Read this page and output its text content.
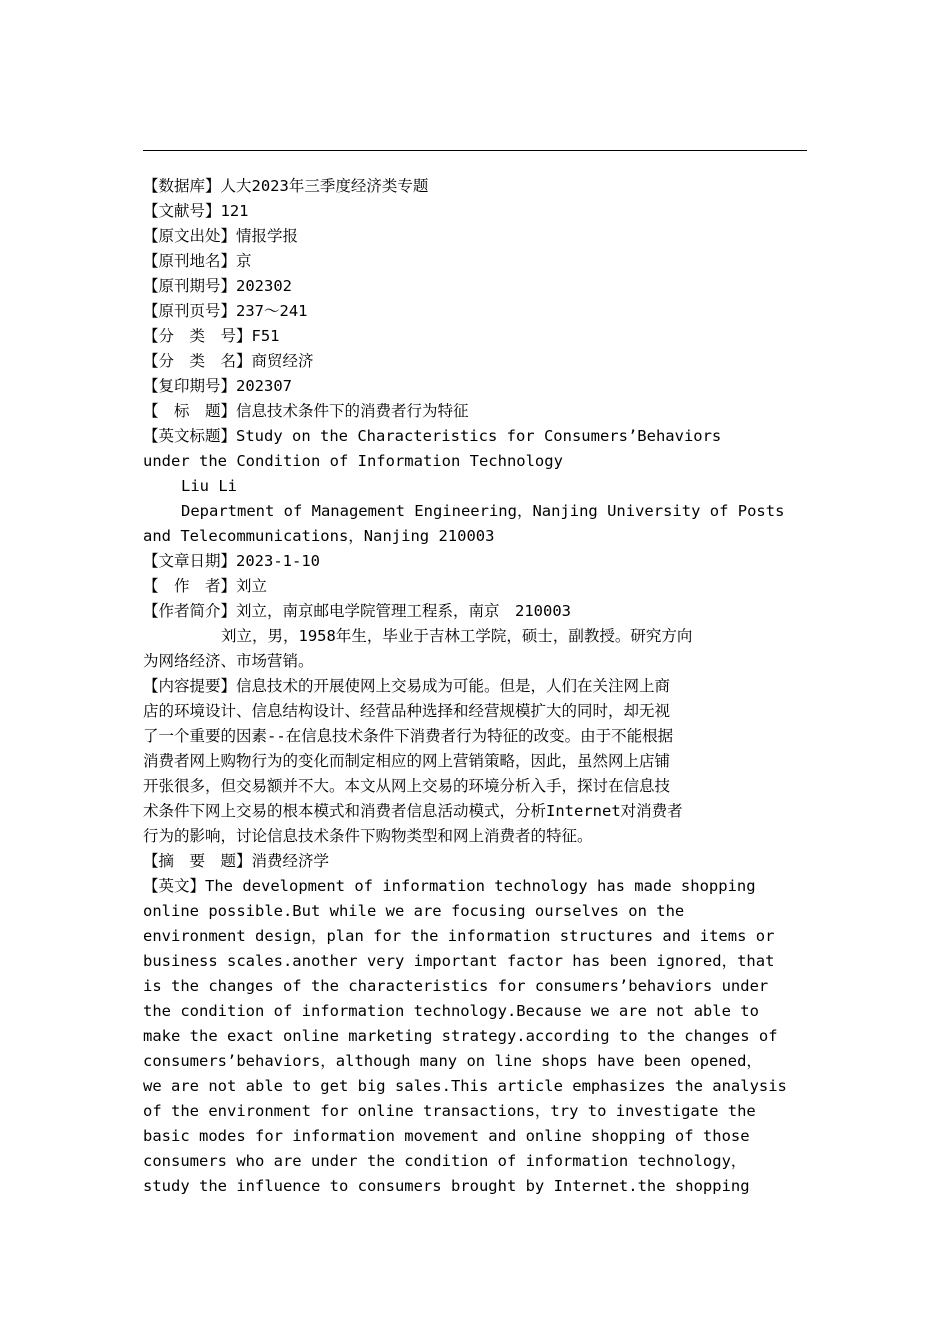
【数据库】人大2023年三季度经济类专题
【文献号】121
【原文出处】情报学报
【原刊地名】京
【原刊期号】202302
【原刊页号】237～241
【分　类　号】F51
【分　类　名】商贸经济
【复印期号】202307
【　标　题】信息技术条件下的消费者行为特征
【英文标题】Study on the Characteristics for Consumers’Behaviors
under the Condition of Information Technology
Liu Li
Department of Management Engineering，Nanjing University of Posts
and Telecommunications，Nanjing 210003
【文章日期】2023-1-10
【　作　者】刘立
【作者简介】刘立，南京邮电学院管理工程系，南京　210003
刘立，男，1958年生，毕业于吉林工学院，硕士，副教授。研究方向
为网络经济、市场营销。
【内容提要】信息技术的开展使网上交易成为可能。但是，人们在关注网上商
店的环境设计、信息结构设计、经营品种选择和经营规模扩大的同时，却无视
了一个重要的因素--在信息技术条件下消费者行为特征的改变。由于不能根据
消费者网上购物行为的变化而制定相应的网上营销策略，因此，虽然网上店铺
开张很多，但交易额并不大。本文从网上交易的环境分析入手，探讨在信息技
术条件下网上交易的根本模式和消费者信息活动模式，分析Internet对消费者
行为的影响，讨论信息技术条件下购物类型和网上消费者的特征。
【摘　要　题】消费经济学
【英文】The development of information technology has made shopping
online possible.But while we are focusing ourselves on the
environment design，plan for the information structures and items or
business scales.another very important factor has been ignored，that
is the changes of the characteristics for consumers’behaviors under
the condition of information technology.Because we are not able to
make the exact online marketing strategy.according to the changes of
consumers’behaviors，although many on line shops have been opened，
we are not able to get big sales.This article emphasizes the analysis
of the environment for online transactions，try to investigate the
basic modes for information movement and online shopping of those
consumers who are under the condition of information technology，
study the influence to consumers brought by Internet.the shopping
